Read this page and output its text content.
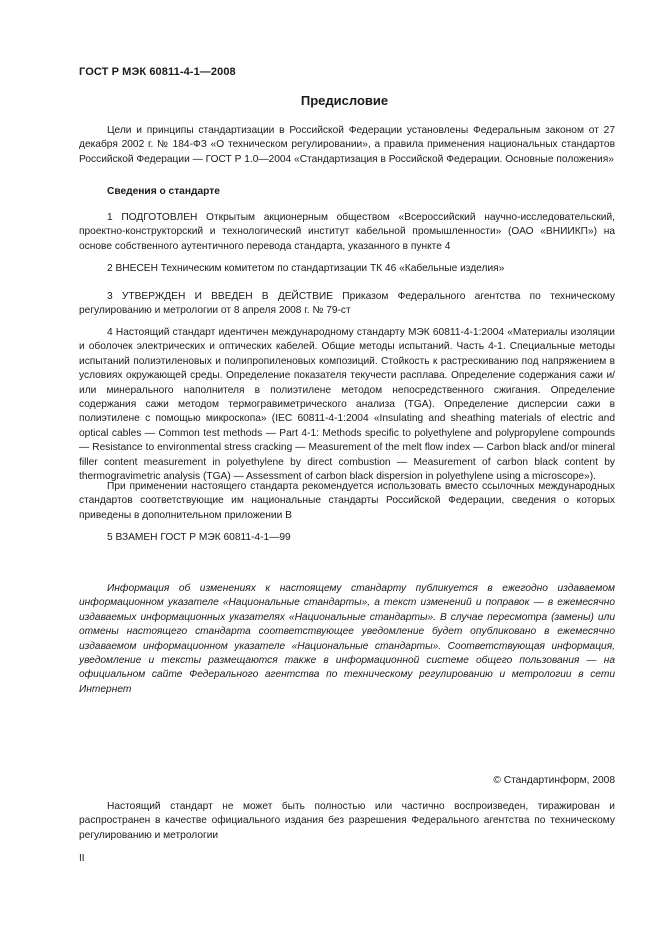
ГОСТ Р МЭК 60811-4-1—2008
Предисловие

Цели и принципы стандартизации в Российской Федерации установлены Федеральным законом от 27 декабря 2002 г. № 184-ФЗ «О техническом регулировании», а правила применения национальных стандартов Российской Федерации — ГОСТ Р 1.0—2004 «Стандартизация в Российской Федерации. Основные положения»

Сведения о стандарте

1 ПОДГОТОВЛЕН Открытым акционерным обществом «Всероссийский научно-исследовательский, проектно-конструкторский и технологический институт кабельной промышленности» (ОАО «ВНИИКП») на основе собственного аутентичного перевода стандарта, указанного в пункте 4

2 ВНЕСЕН Техническим комитетом по стандартизации ТК 46 «Кабельные изделия»

3 УТВЕРЖДЕН И ВВЕДЕН В ДЕЙСТВИЕ Приказом Федерального агентства по техническому регулированию и метрологии от 8 апреля 2008 г. № 79-ст

4 Настоящий стандарт идентичен международному стандарту МЭК 60811-4-1:2004 «Материалы изоляции и оболочек электрических и оптических кабелей. Общие методы испытаний. Часть 4-1. Специальные методы испытаний полиэтиленовых и полипропиленовых композиций. Стойкость к растрескиванию под напряжением в условиях окружающей среды. Определение показателя текучести расплава. Определение содержания сажи и/или минерального наполнителя в полиэтилене методом непосредственного сжигания. Определение содержания сажи методом термогравиметрического анализа (TGA). Определение дисперсии сажи в полиэтилене с помощью микроскопа» (IEC 60811-4-1:2004 «Insulating and sheathing materials of electric and optical cables — Common test methods — Part 4-1: Methods specific to polyethylene and polypropylene compounds — Resistance to environmental stress cracking — Measurement of the melt flow index — Carbon black and/or mineral filler content measurement in polyethylene by direct combustion — Measurement of carbon black content by thermogravimetric analysis (TGA) — Assessment of carbon black dispersion in polyethylene using a microscope»).

При применении настоящего стандарта рекомендуется использовать вместо ссылочных международных стандартов соответствующие им национальные стандарты Российской Федерации, сведения о которых приведены в дополнительном приложении В

5 ВЗАМЕН ГОСТ Р МЭК 60811-4-1—99

Информация об изменениях к настоящему стандарту публикуется в ежегодно издаваемом информационном указателе «Национальные стандарты», а текст изменений и поправок — в ежемесячно издаваемых информационных указателях «Национальные стандарты». В случае пересмотра (замены) или отмены настоящего стандарта соответствующее уведомление будет опубликовано в ежемесячно издаваемом информационном указателе «Национальные стандарты». Соответствующая информация, уведомление и тексты размещаются также в информационной системе общего пользования — на официальном сайте Федерального агентства по техническому регулированию и метрологии в сети Интернет

© Стандартинформ, 2008

Настоящий стандарт не может быть полностью или частично воспроизведен, тиражирован и распространен в качестве официального издания без разрешения Федерального агентства по техническому регулированию и метрологии

II
